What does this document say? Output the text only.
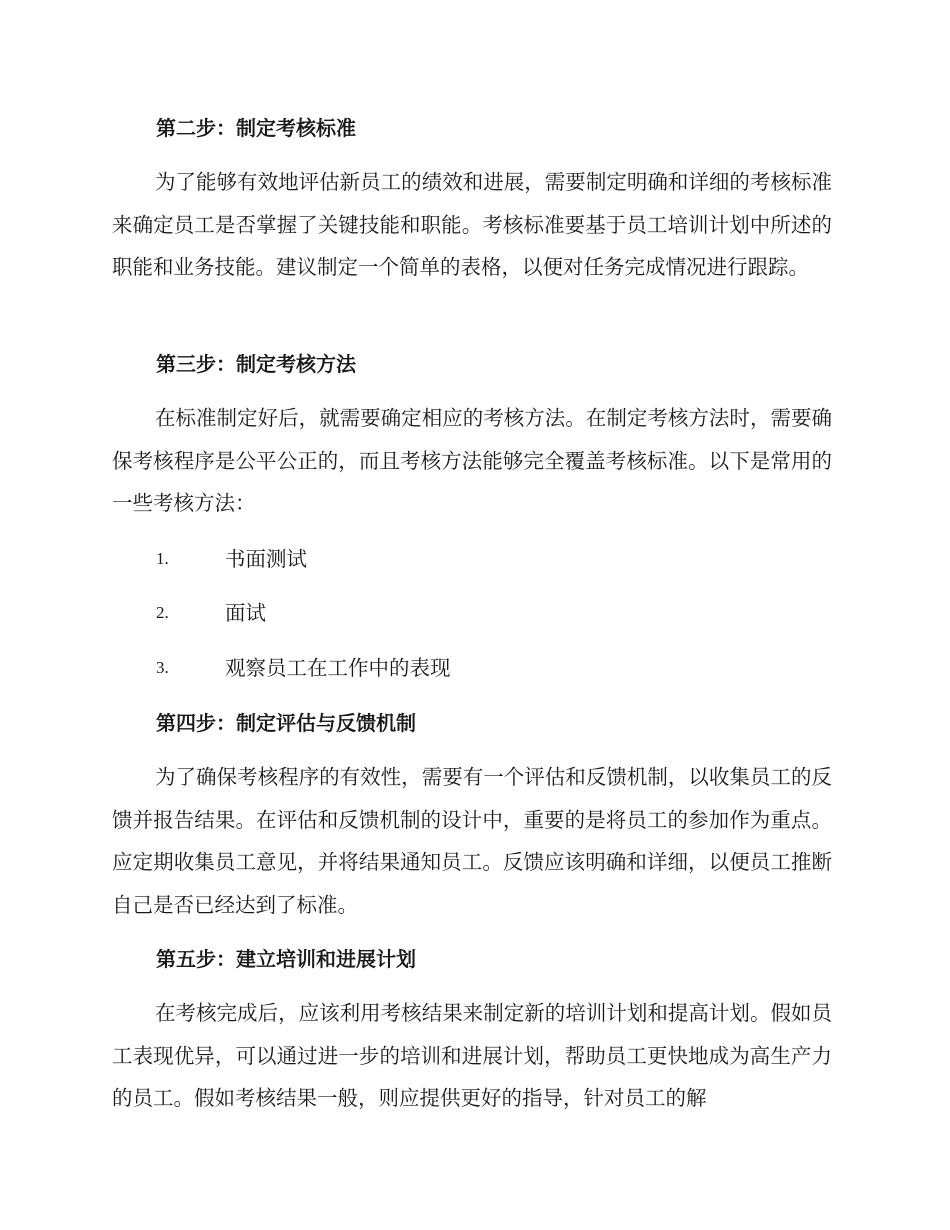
第二步：制定考核标准

为了能够有效地评估新员工的绩效和进展，需要制定明确和详细的考核标准来确定员工是否掌握了关键技能和职能。考核标准要基于员工培训计划中所述的职能和业务技能。建议制定一个简单的表格，以便对任务完成情况进行跟踪。

第三步：制定考核方法

在标准制定好后，就需要确定相应的考核方法。在制定考核方法时，需要确保考核程序是公平公正的，而且考核方法能够完全覆盖考核标准。以下是常用的一些考核方法：

1.	书面测试
2.	面试
3.	观察员工在工作中的表现
第四步：制定评估与反馈机制

为了确保考核程序的有效性，需要有一个评估和反馈机制，以收集员工的反馈并报告结果。在评估和反馈机制的设计中，重要的是将员工的参加作为重点。应定期收集员工意见，并将结果通知员工。反馈应该明确和详细，以便员工推断自己是否已经达到了标准。

第五步：建立培训和进展计划

在考核完成后，应该利用考核结果来制定新的培训计划和提高计划。假如员工表现优异，可以通过进一步的培训和进展计划，帮助员工更快地成为高生产力的员工。假如考核结果一般，则应提供更好的指导，针对员工的解
